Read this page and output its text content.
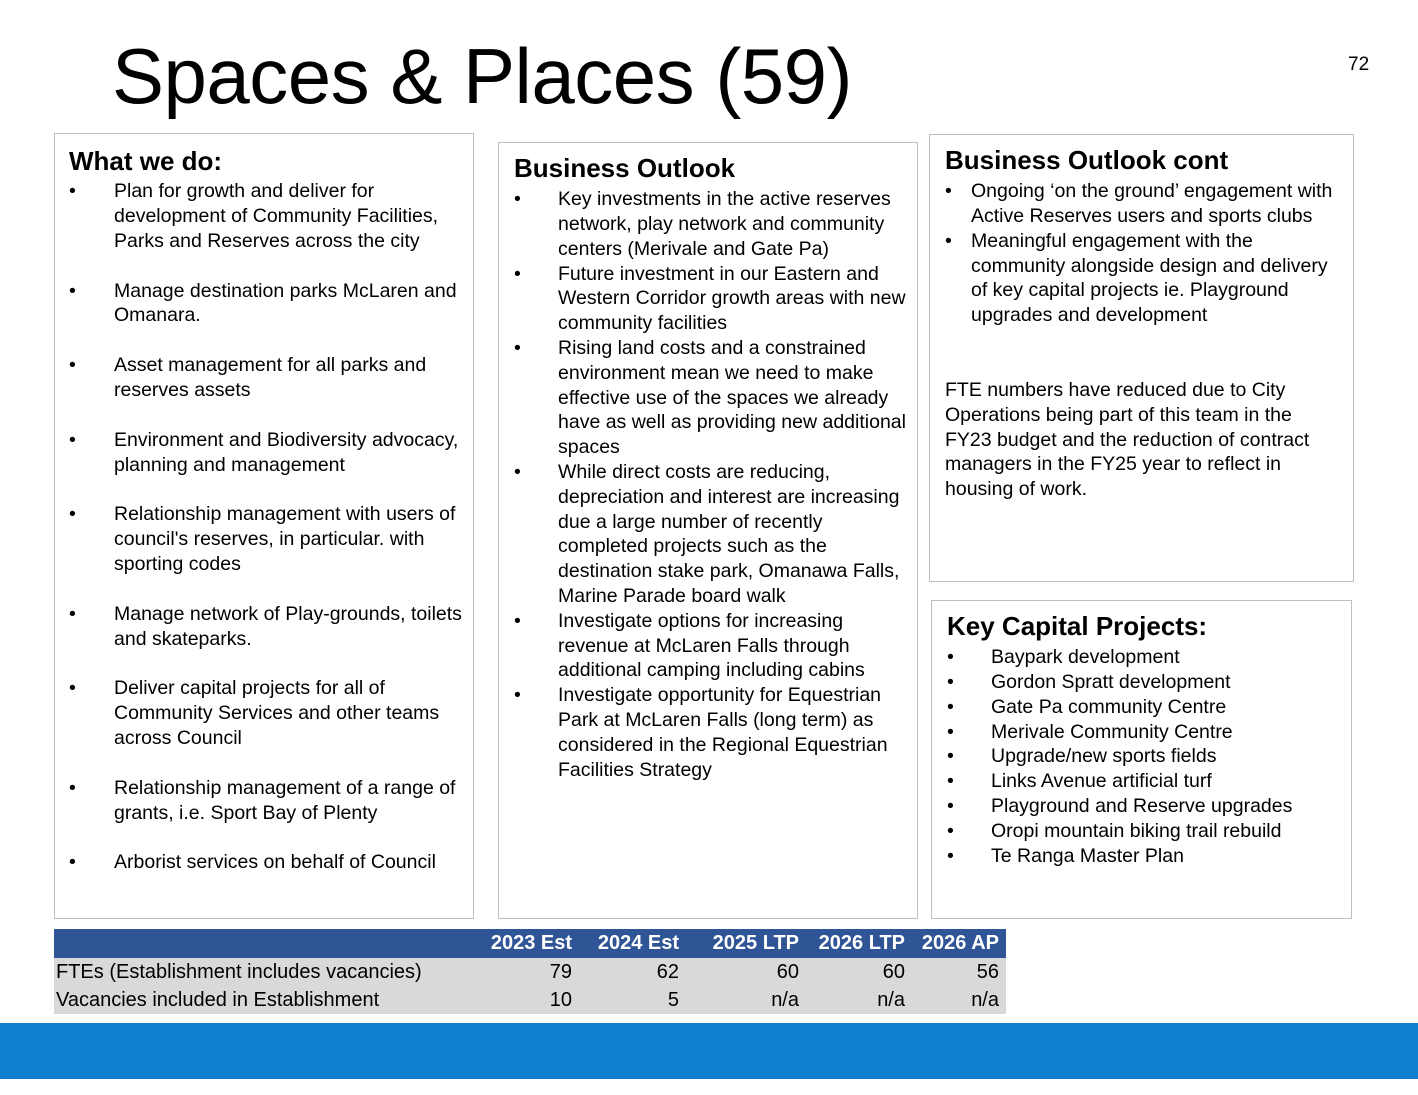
Spaces & Places (59)	72
What we do:
• Plan for growth and deliver for development of Community Facilities, Parks and Reserves across the city
• Manage destination parks McLaren and Omanara.
• Asset management for all parks and reserves assets
• Environment and Biodiversity advocacy, planning and management
• Relationship management with users of council's reserves, in particular. with sporting codes
• Manage network of Play-grounds, toilets and skateparks.
• Deliver capital projects for all of Community Services and other teams across Council
• Relationship management of a range of grants, i.e. Sport Bay of Plenty
• Arborist services on behalf of Council
Business Outlook
• Key investments in the active reserves network, play network and community centers (Merivale and Gate Pa)
• Future investment in our Eastern and Western Corridor growth areas with new community facilities
• Rising land costs and a constrained environment mean we need to make effective use of the spaces we already have as well as providing new additional spaces
• While direct costs are reducing, depreciation and interest are increasing due a large number of recently completed projects such as the destination stake park, Omanawa Falls, Marine Parade board walk
• Investigate options for increasing revenue at McLaren Falls through additional camping including cabins
• Investigate opportunity for Equestrian Park at McLaren Falls (long term) as considered in the Regional Equestrian Facilities Strategy
Business Outlook cont
• Ongoing ‘on the ground’ engagement with Active Reserves users and sports clubs
• Meaningful engagement with the community alongside design and delivery of key capital projects ie. Playground upgrades and development

FTE numbers have reduced due to City Operations being part of this team in the FY23 budget and the reduction of contract managers in the FY25 year to reflect in housing of work.

Key Capital Projects:
• Baypark development
• Gordon Spratt development
• Gate Pa community Centre
• Merivale Community Centre
• Upgrade/new sports fields
• Links Avenue artificial turf
• Playground and Reserve upgrades
• Oropi mountain biking trail rebuild
• Te Ranga Master Plan
	2023 Est	2024 Est	2025 LTP	2026 LTP	2026 AP
FTEs (Establishment includes vacancies)	79	62	60	60	56
Vacancies included in Establishment	10	5	n/a	n/a	n/a
